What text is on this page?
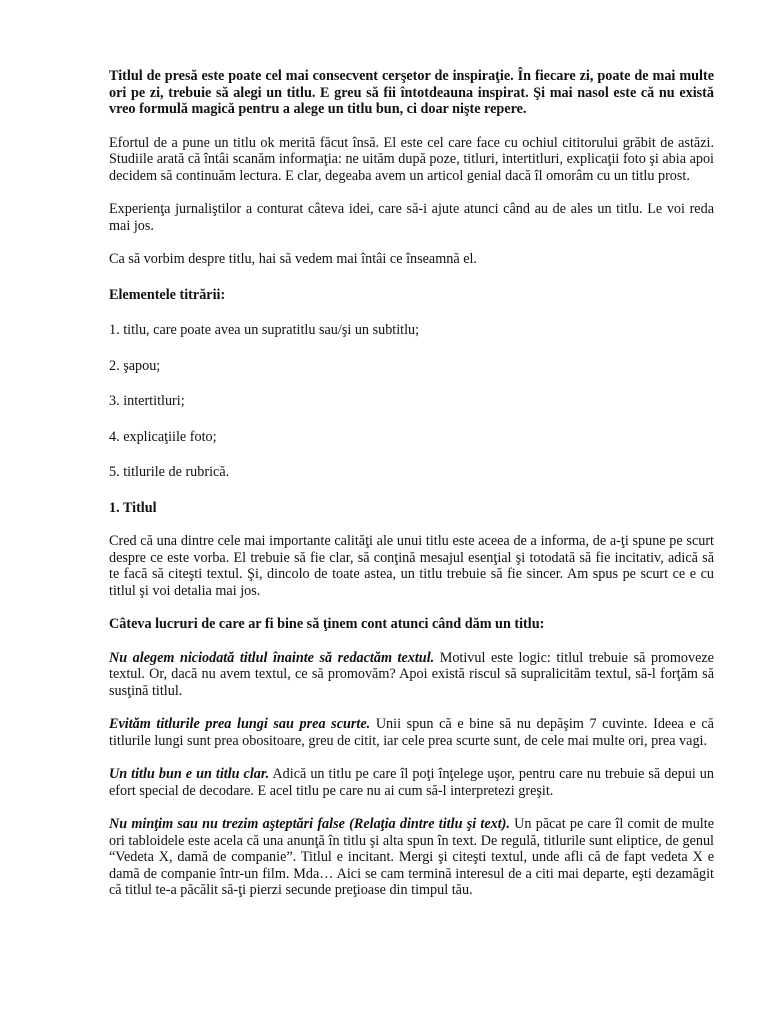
Titlul de presă este poate cel mai consecvent cerşetor de inspiraţie. În fiecare zi, poate de mai multe ori pe zi, trebuie să alegi un titlu. E greu să fii întotdeauna inspirat. Şi mai nasol este că nu există vreo formulă magică pentru a alege un titlu bun, ci doar nişte repere.

Efortul de a pune un titlu ok merită făcut însă. El este cel care face cu ochiul cititorului grăbit de astăzi. Studiile arată că întâi scanăm informaţia: ne uităm după poze, titluri, intertitluri, explicaţii foto şi abia apoi decidem să continuăm lectura. E clar, degeaba avem un articol genial dacă îl omorâm cu un titlu prost.

Experienţa jurnaliştilor a conturat câteva idei, care să-i ajute atunci când au de ales un titlu. Le voi reda mai jos.

Ca să vorbim despre titlu, hai să vedem mai întâi ce înseamnă el.

Elementele titrării:

1. titlu, care poate avea un supratitlu sau/şi un subtitlu;

2. şapou;

3. intertitluri;

4. explicaţiile foto;

5. titlurile de rubrică.

1. Titlul

Cred că una dintre cele mai importante calităţi ale unui titlu este aceea de a informa, de a-ţi spune pe scurt despre ce este vorba. El trebuie să fie clar, să conţină mesajul esenţial şi totodată să fie incitativ, adică să te facă să citeşti textul. Şi, dincolo de toate astea, un titlu trebuie să fie sincer. Am spus pe scurt ce e cu titlul şi voi detalia mai jos.

Câteva lucruri de care ar fi bine să ţinem cont atunci când dăm un titlu:

Nu alegem niciodată titlul înainte să redactăm textul. Motivul este logic: titlul trebuie să promoveze textul. Or, dacă nu avem textul, ce să promovăm? Apoi există riscul să supralicităm textul, să-l forţăm să susţină titlul.

Evităm titlurile prea lungi sau prea scurte. Unii spun că e bine să nu depăşim 7 cuvinte. Ideea e că titlurile lungi sunt prea obositoare, greu de citit, iar cele prea scurte sunt, de cele mai multe ori, prea vagi.

Un titlu bun e un titlu clar. Adică un titlu pe care îl poţi înţelege uşor, pentru care nu trebuie să depui un efort special de decodare. E acel titlu pe care nu ai cum să-l interpretezi greşit.

Nu minţim sau nu trezim aşteptări false (Relaţia dintre titlu şi text). Un păcat pe care îl comit de multe ori tabloidele este acela că una anunţă în titlu şi alta spun în text. De regulă, titlurile sunt eliptice, de genul “Vedeta X, damă de companie”. Titlul e incitant. Mergi şi citeşti textul, unde afli că de fapt vedeta X e damă de companie într-un film. Mda… Aici se cam termină interesul de a citi mai departe, eşti dezamăgit că titlul te-a păcălit să-ţi pierzi secunde preţioase din timpul tău.
